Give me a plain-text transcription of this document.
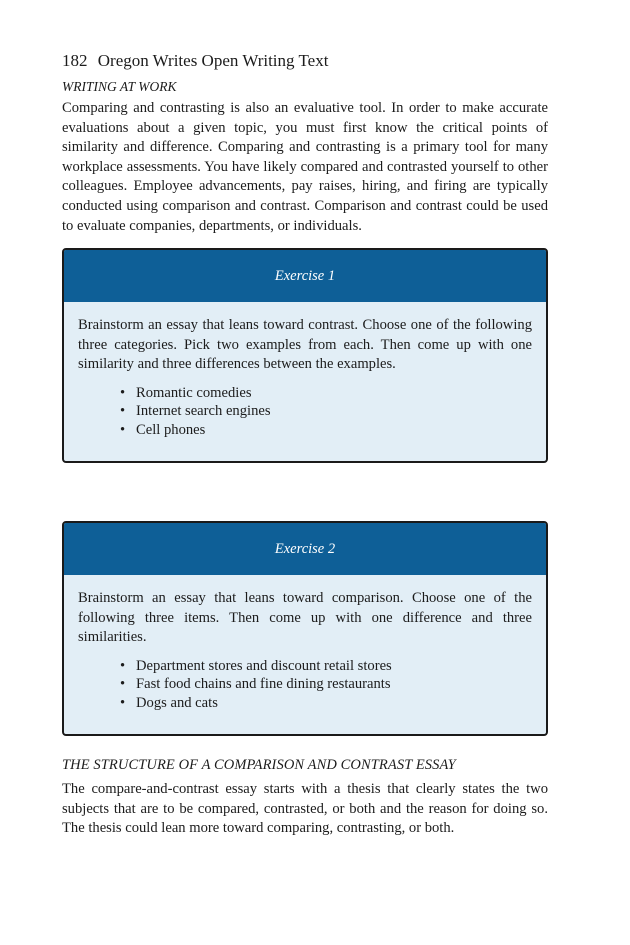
182 Oregon Writes Open Writing Text
WRITING AT WORK

Comparing and contrasting is also an evaluative tool. In order to make accurate evaluations about a given topic, you must first know the critical points of similarity and difference. Comparing and contrasting is a primary tool for many workplace assessments. You have likely compared and contrasted yourself to other colleagues. Employee advancements, pay raises, hiring, and firing are typically conducted using comparison and contrast. Comparison and contrast could be used to evaluate companies, departments, or individuals.

Exercise 1

Brainstorm an essay that leans toward contrast. Choose one of the following three categories. Pick two examples from each. Then come up with one similarity and three differences between the examples.

• Romantic comedies
• Internet search engines
• Cell phones
Exercise 2

Brainstorm an essay that leans toward comparison. Choose one of the following three items. Then come up with one difference and three similarities.

• Department stores and discount retail stores
• Fast food chains and fine dining restaurants
• Dogs and cats
THE STRUCTURE OF A COMPARISON AND CONTRAST ESSAY

The compare-and-contrast essay starts with a thesis that clearly states the two subjects that are to be compared, contrasted, or both and the reason for doing so. The thesis could lean more toward comparing, contrasting, or both.
